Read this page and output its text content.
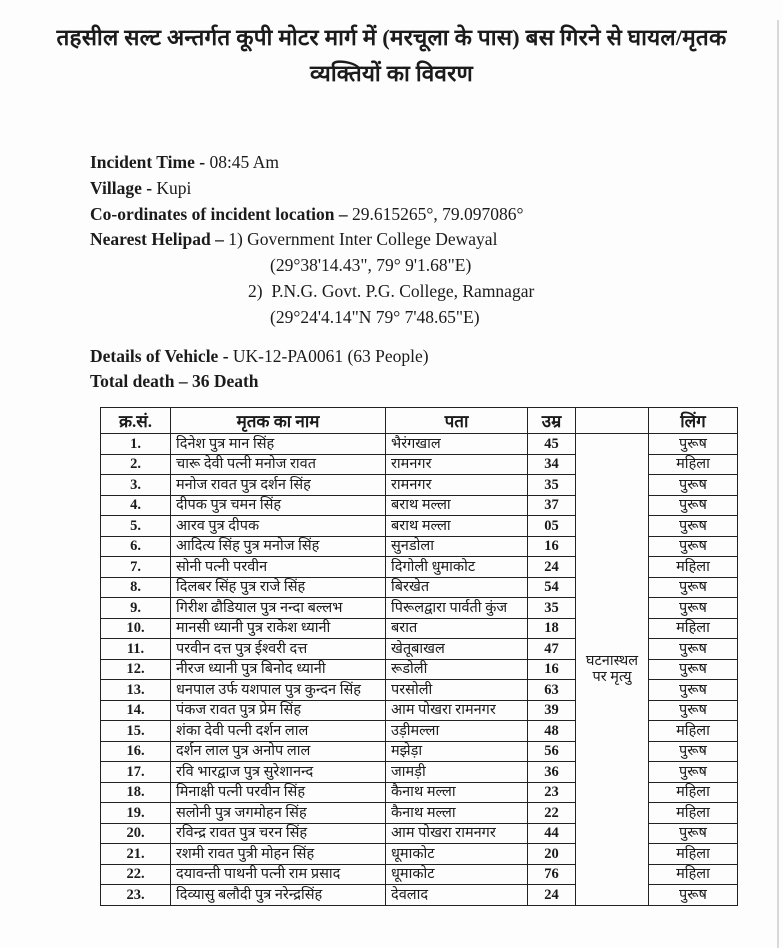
तहसील सल्ट अन्तर्गत कूपी मोटर मार्ग में (मरचूला के पास) बस गिरने से घायल/मृतक व्यक्तियों का विवरण
Incident Time - 08:45 Am
Village - Kupi
Co-ordinates of incident location – 29.615265°, 79.097086°
Nearest Helipad – 1) Government Inter College Dewayal
(29°38'14.43", 79° 9'1.68"E)
2)  P.N.G. Govt. P.G. College, Ramnagar
(29°24'4.14"N 79° 7'48.65"E)
Details of Vehicle - UK-12-PA0061 (63 People)
Total death – 36 Death
क्र.सं.	मृतक का नाम	पता	उम्र		लिंग
1.	दिनेश पुत्र मान सिंह	भैरंगखाल	45	घटनास्थल पर मृत्यु	पुरूष
2.	चारू देवी पत्नी मनोज रावत	रामनगर	34		महिला
3.	मनोज रावत पुत्र दर्शन सिंह	रामनगर	35		पुरूष
4.	दीपक पुत्र चमन सिंह	बराथ मल्ला	37		पुरूष
5.	आरव पुत्र दीपक	बराथ मल्ला	05		पुरूष
6.	आदित्य सिंह पुत्र मनोज सिंह	सुनडोला	16		पुरूष
7.	सोनी पत्नी परवीन	दिगोली धुमाकोट	24		महिला
8.	दिलबर सिंह पुत्र राजे सिंह	बिरखेत	54		पुरूष
9.	गिरीश ढौडियाल पुत्र नन्दा बल्लभ	पिरूलद्वारा पार्वती कुंज	35		पुरूष
10.	मानसी ध्यानी पुत्र राकेश ध्यानी	बरात	18		महिला
11.	परवीन दत्त पुत्र ईश्वरी दत्त	खेतूबाखल	47		पुरूष
12.	नीरज ध्यानी पुत्र बिनोद ध्यानी	रूडोली	16		पुरूष
13.	धनपाल उर्फ यशपाल पुत्र कुन्दन सिंह	परसोली	63		पुरूष
14.	पंकज रावत पुत्र प्रेम सिंह	आम पोखरा रामनगर	39		पुरूष
15.	शंका देवी पत्नी दर्शन लाल	उड़ीमल्ला	48		महिला
16.	दर्शन लाल पुत्र अनोप लाल	मझेड़ा	56		पुरूष
17.	रवि भारद्वाज पुत्र सुरेशानन्द	जामड़ी	36		पुरूष
18.	मिनाक्षी पत्नी परवीन सिंह	कैनाथ मल्ला	23		महिला
19.	सलोनी पुत्र जगमोहन सिंह	कैनाथ मल्ला	22		महिला
20.	रविन्द्र रावत पुत्र चरन सिंह	आम पोखरा रामनगर	44		पुरूष
21.	रशमी रावत पुत्री मोहन सिंह	धूमाकोट	20		महिला
22.	दयावन्ती पाथनी पत्नी राम प्रसाद	धूमाकोट	76		महिला
23.	दिव्यासु बलौदी पुत्र नरेन्द्रसिंह	देवलाद	24		पुरूष
